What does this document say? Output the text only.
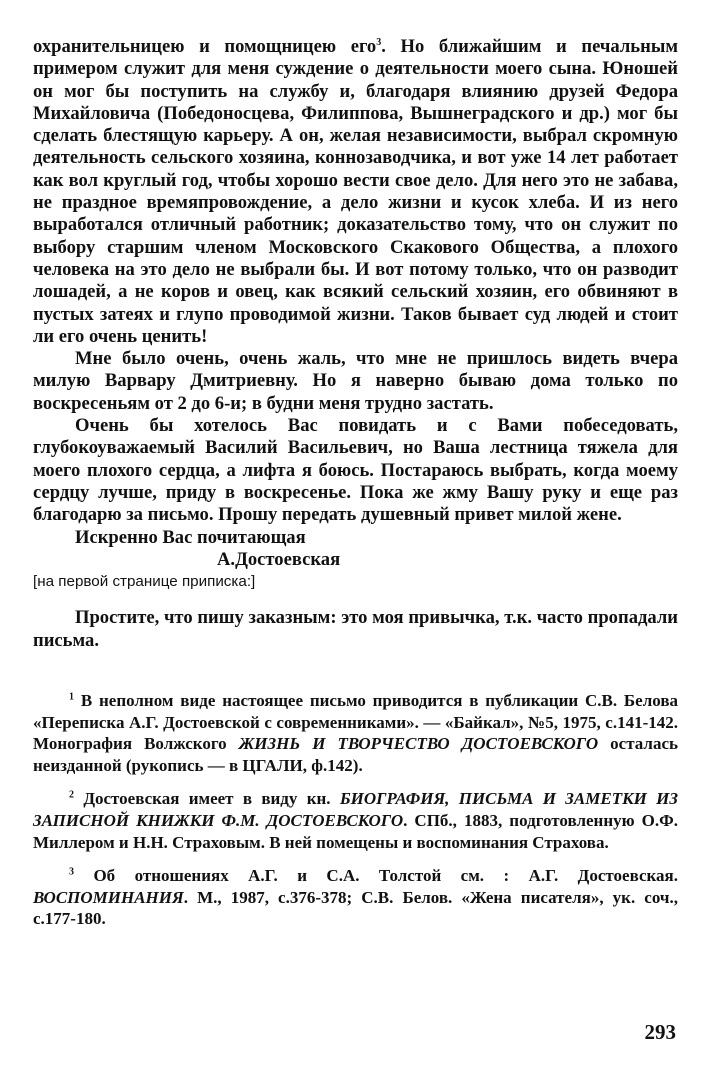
охранительницею и помощницею его$^3$. Но ближайшим и печальным примером служит для меня суждение о деятельности моего сына. Юношей он мог бы поступить на службу и, благодаря влиянию друзей Федора Михайловича (Победоносцева, Филиппова, Вышнеградского и др.) мог бы сделать блестящую карьеру. А он, желая независимости, выбрал скромную деятельность сельского хозяина, коннозаводчика, и вот уже 14 лет работает как вол круглый год, чтобы хорошо вести свое дело. Для него это не забава, не праздное времяпровождение, а дело жизни и кусок хлеба. И из него выработался отличный работник; доказательство тому, что он служит по выбору старшим членом Московского Скакового Общества, а плохого человека на это дело не выбрали бы. И вот потому только, что он разводит лошадей, а не коров и овец, как всякий сельский хозяин, его обвиняют в пустых затеях и глупо проводимой жизни. Таков бывает суд людей и стоит ли его очень ценить!

Мне было очень, очень жаль, что мне не пришлось видеть вчера милую Варвару Дмитриевну. Но я наверно бываю дома только по воскресеньям от 2 до 6-и; в будни меня трудно застать.

Очень бы хотелось Вас повидать и с Вами побеседовать, глубокоуважаемый Василий Васильевич, но Ваша лестница тяжела для моего плохого сердца, а лифта я боюсь. Постараюсь выбрать, когда моему сердцу лучше, приду в воскресенье. Пока же жму Вашу руку и еще раз благодарю за письмо. Прошу передать душевный привет милой жене.

Искренно Вас почитающая

А.Достоевская

[на первой странице приписка:]

Простите, что пишу заказным: это моя привычка, т.к. часто пропадали письма.

$^1$ В неполном виде настоящее письмо приводится в публикации С.В. Белова «Переписка А.Г. Достоевской с современниками». — «Байкал», №5, 1975, с.141-142. Монография Волжского ЖИЗНЬ И ТВОРЧЕСТВО ДОСТОЕВСКОГО осталась неизданной (рукопись — в ЦГАЛИ, ф.142).

$^2$ Достоевская имеет в виду кн. БИОГРАФИЯ, ПИСЬМА И ЗАМЕТКИ ИЗ ЗАПИСНОЙ КНИЖКИ Ф.М. ДОСТОЕВСКОГО. СПб., 1883, подготовленную О.Ф. Миллером и Н.Н. Страховым. В ней помещены и воспоминания Страхова.

$^3$ Об отношениях А.Г. и С.А. Толстой см. : А.Г. Достоевская. ВОСПОМИНАНИЯ. М., 1987, с.376-378; С.В. Белов. «Жена писателя», ук. соч., с.177-180.

293
